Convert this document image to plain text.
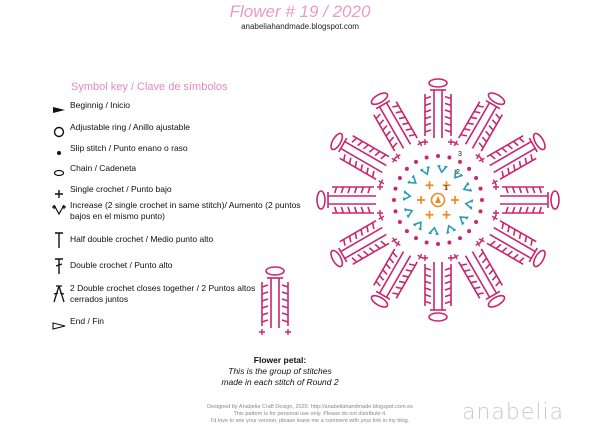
Flower # 19 / 2020
anabeliahandmade.blogspot.com
Symbol key / Clave de símbolos
Beginnig / Inicio
Adjustable ring / Anillo ajustable
Slip stitch / Punto enano o raso
Chain / Cadeneta
Single crochet / Punto bajo
Increase (2 single crochet in same stitch)/ Aumento (2 puntos bajos en el mismo punto)
Half double crochet / Medio punto alto
Double crochet / Punto alto
2 Double crochet closes together / 2 Puntos altos cerrados juntos
End / Fin
1
2
3
Flower petal:
This is the group of stitches
made in each stitch of Round 2
Designed by Anabelia Craft Design, 2020. http://anabeliahandmade.blogspot.com.es
This pattern is for personal use only. Please do not distribute it.
I'd love to see your version, please leave me a comment with your link in my blog.	anabelia
